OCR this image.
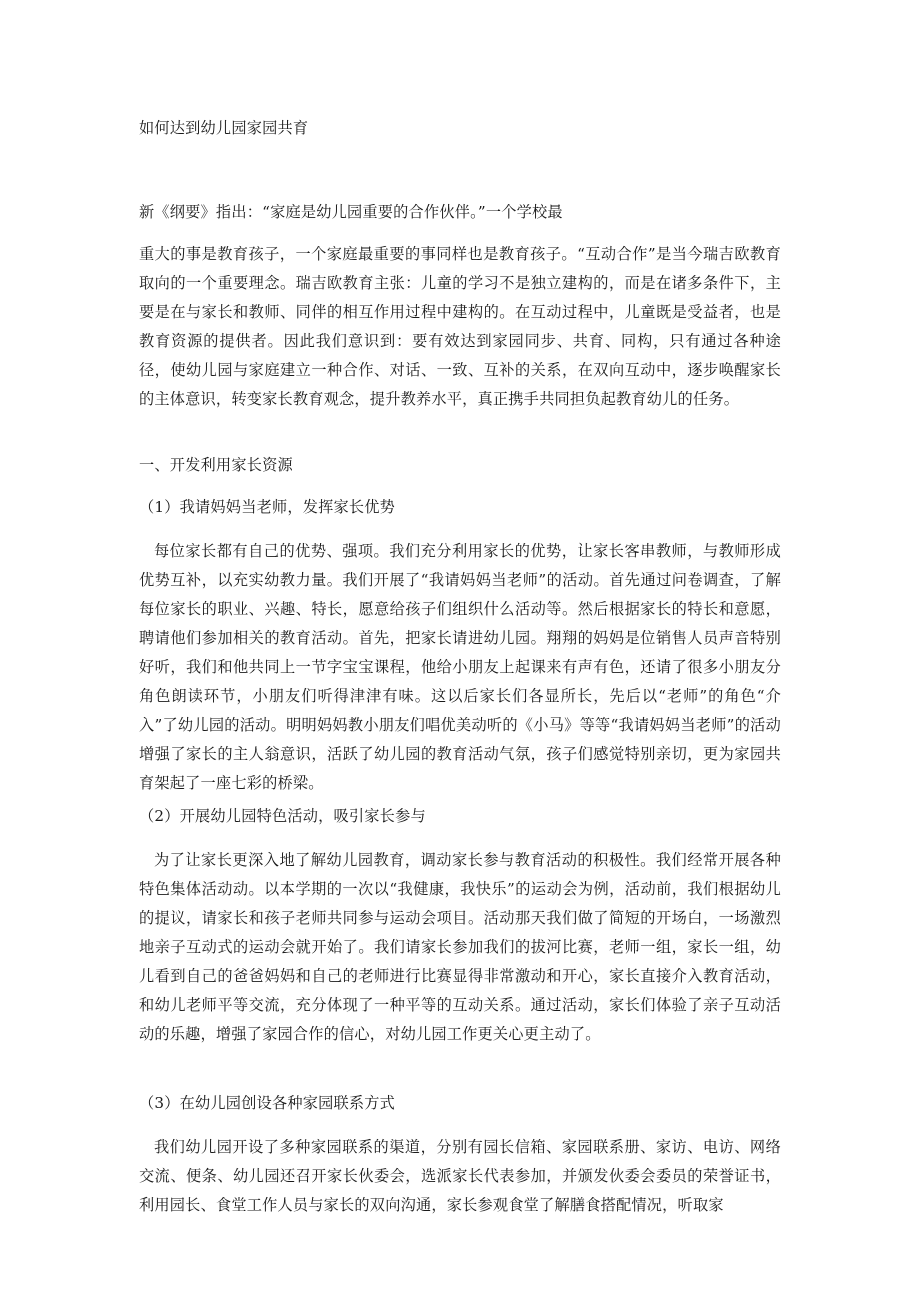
如何达到幼儿园家园共育

新《纲要》指出：“家庭是幼儿园重要的合作伙伴。”一个学校最

重大的事是教育孩子，一个家庭最重要的事同样也是教育孩子。“互动合作”是当今瑞吉欧教育取向的一个重要理念。瑞吉欧教育主张：儿童的学习不是独立建构的，而是在诸多条件下，主要是在与家长和教师、同伴的相互作用过程中建构的。在互动过程中，儿童既是受益者，也是教育资源的提供者。因此我们意识到：要有效达到家园同步、共育、同构，只有通过各种途径，使幼儿园与家庭建立一种合作、对话、一致、互补的关系，在双向互动中，逐步唤醒家长的主体意识，转变家长教育观念，提升教养水平，真正携手共同担负起教育幼儿的任务。

一、开发利用家长资源

（1）我请妈妈当老师，发挥家长优势

每位家长都有自己的优势、强项。我们充分利用家长的优势，让家长客串教师，与教师形成优势互补，以充实幼教力量。我们开展了“我请妈妈当老师”的活动。首先通过问卷调查，了解每位家长的职业、兴趣、特长，愿意给孩子们组织什么活动等。然后根据家长的特长和意愿，聘请他们参加相关的教育活动。首先，把家长请进幼儿园。翔翔的妈妈是位销售人员声音特别好听，我们和他共同上一节字宝宝课程，他给小朋友上起课来有声有色，还请了很多小朋友分角色朗读环节，小朋友们听得津津有味。这以后家长们各显所长，先后以“老师”的角色“介入”了幼儿园的活动。明明妈妈教小朋友们唱优美动听的《小马》等等“我请妈妈当老师”的活动增强了家长的主人翁意识，活跃了幼儿园的教育活动气氛，孩子们感觉特别亲切，更为家园共育架起了一座七彩的桥梁。

（2）开展幼儿园特色活动，吸引家长参与

为了让家长更深入地了解幼儿园教育，调动家长参与教育活动的积极性。我们经常开展各种特色集体活动动。以本学期的一次以“我健康，我快乐”的运动会为例，活动前，我们根据幼儿的提议，请家长和孩子老师共同参与运动会项目。活动那天我们做了简短的开场白，一场激烈地亲子互动式的运动会就开始了。我们请家长参加我们的拔河比赛，老师一组，家长一组，幼儿看到自己的爸爸妈妈和自己的老师进行比赛显得非常激动和开心，家长直接介入教育活动，和幼儿老师平等交流，充分体现了一种平等的互动关系。通过活动，家长们体验了亲子互动活动的乐趣，增强了家园合作的信心，对幼儿园工作更关心更主动了。

（3）在幼儿园创设各种家园联系方式

我们幼儿园开设了多种家园联系的渠道，分别有园长信箱、家园联系册、家访、电访、网络交流、便条、幼儿园还召开家长伙委会，选派家长代表参加，并颁发伙委会委员的荣誉证书，利用园长、食堂工作人员与家长的双向沟通，家长参观食堂了解膳食搭配情况，听取家
